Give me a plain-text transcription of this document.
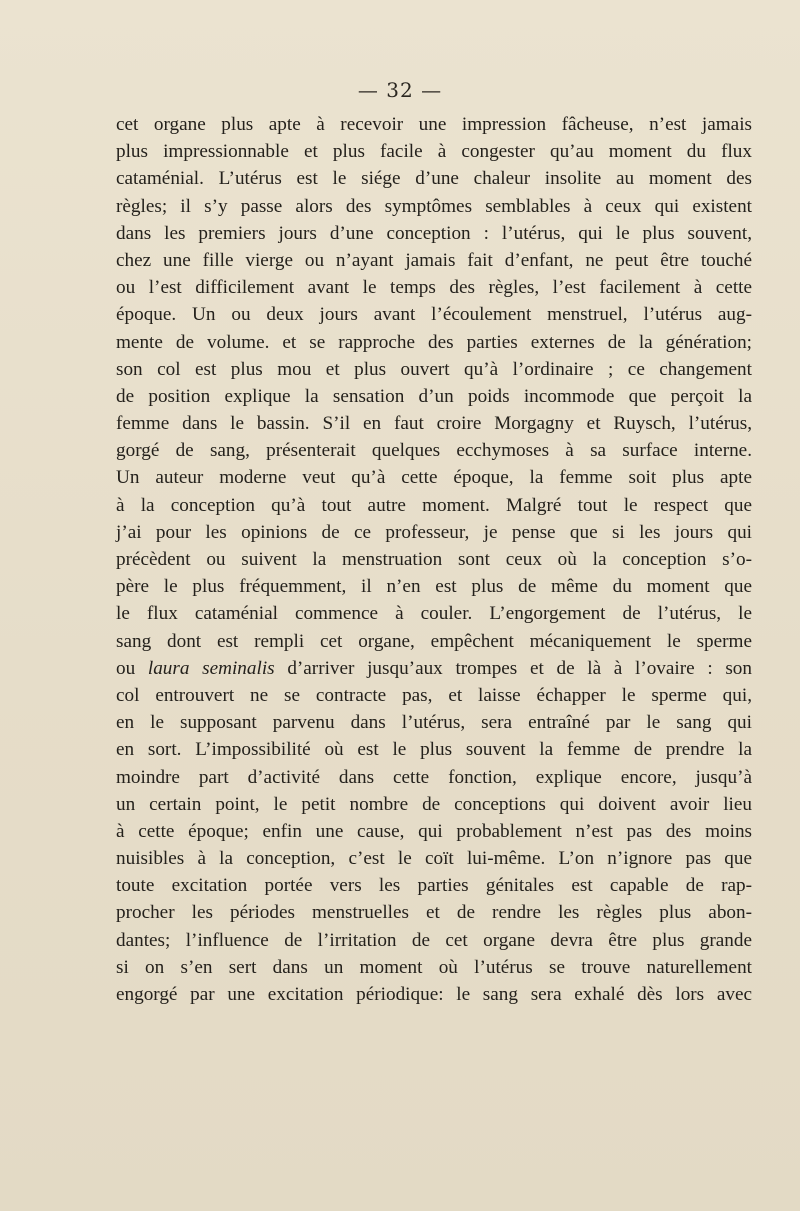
— 32 —
cet organe plus apte à recevoir une impression fâcheuse, n’est jamais
plus impressionnable et plus facile à congester qu’au moment du flux
cataménial. L’utérus est le siége d’une chaleur insolite au moment des
règles; il s’y passe alors des symptômes semblables à ceux qui existent
dans les premiers jours d’une conception : l’utérus, qui le plus souvent,
chez une fille vierge ou n’ayant jamais fait d’enfant, ne peut être touché
ou l’est difficilement avant le temps des règles, l’est facilement à cette
époque. Un ou deux jours avant l’écoulement menstruel, l’utérus aug-
mente de volume. et se rapproche des parties externes de la génération;
son col est plus mou et plus ouvert qu’à l’ordinaire ; ce changement
de position explique la sensation d’un poids incommode que perçoit la
femme dans le bassin. S’il en faut croire Morgagny et Ruysch, l’utérus,
gorgé de sang, présenterait quelques ecchymoses à sa surface interne.
Un auteur moderne veut qu’à cette époque, la femme soit plus apte
à la conception qu’à tout autre moment. Malgré tout le respect que
j’ai pour les opinions de ce professeur, je pense que si les jours qui
précèdent ou suivent la menstruation sont ceux où la conception s’o-
père le plus fréquemment, il n’en est plus de même du moment que
le flux cataménial commence à couler. L’engorgement de l’utérus, le
sang dont est rempli cet organe, empêchent mécaniquement le sperme
ou laura seminalis d’arriver jusqu’aux trompes et de là à l’ovaire : son
col entrouvert ne se contracte pas, et laisse échapper le sperme qui,
en le supposant parvenu dans l’utérus, sera entraîné par le sang qui
en sort. L’impossibilité où est le plus souvent la femme de prendre la
moindre part d’activité dans cette fonction, explique encore, jusqu’à
un certain point, le petit nombre de conceptions qui doivent avoir lieu
à cette époque; enfin une cause, qui probablement n’est pas des moins
nuisibles à la conception, c’est le coït lui-même. L’on n’ignore pas que
toute excitation portée vers les parties génitales est capable de rap-
procher les périodes menstruelles et de rendre les règles plus abon-
dantes; l’influence de l’irritation de cet organe devra être plus grande
si on s’en sert dans un moment où l’utérus se trouve naturellement
engorgé par une excitation périodique: le sang sera exhalé dès lors avec
